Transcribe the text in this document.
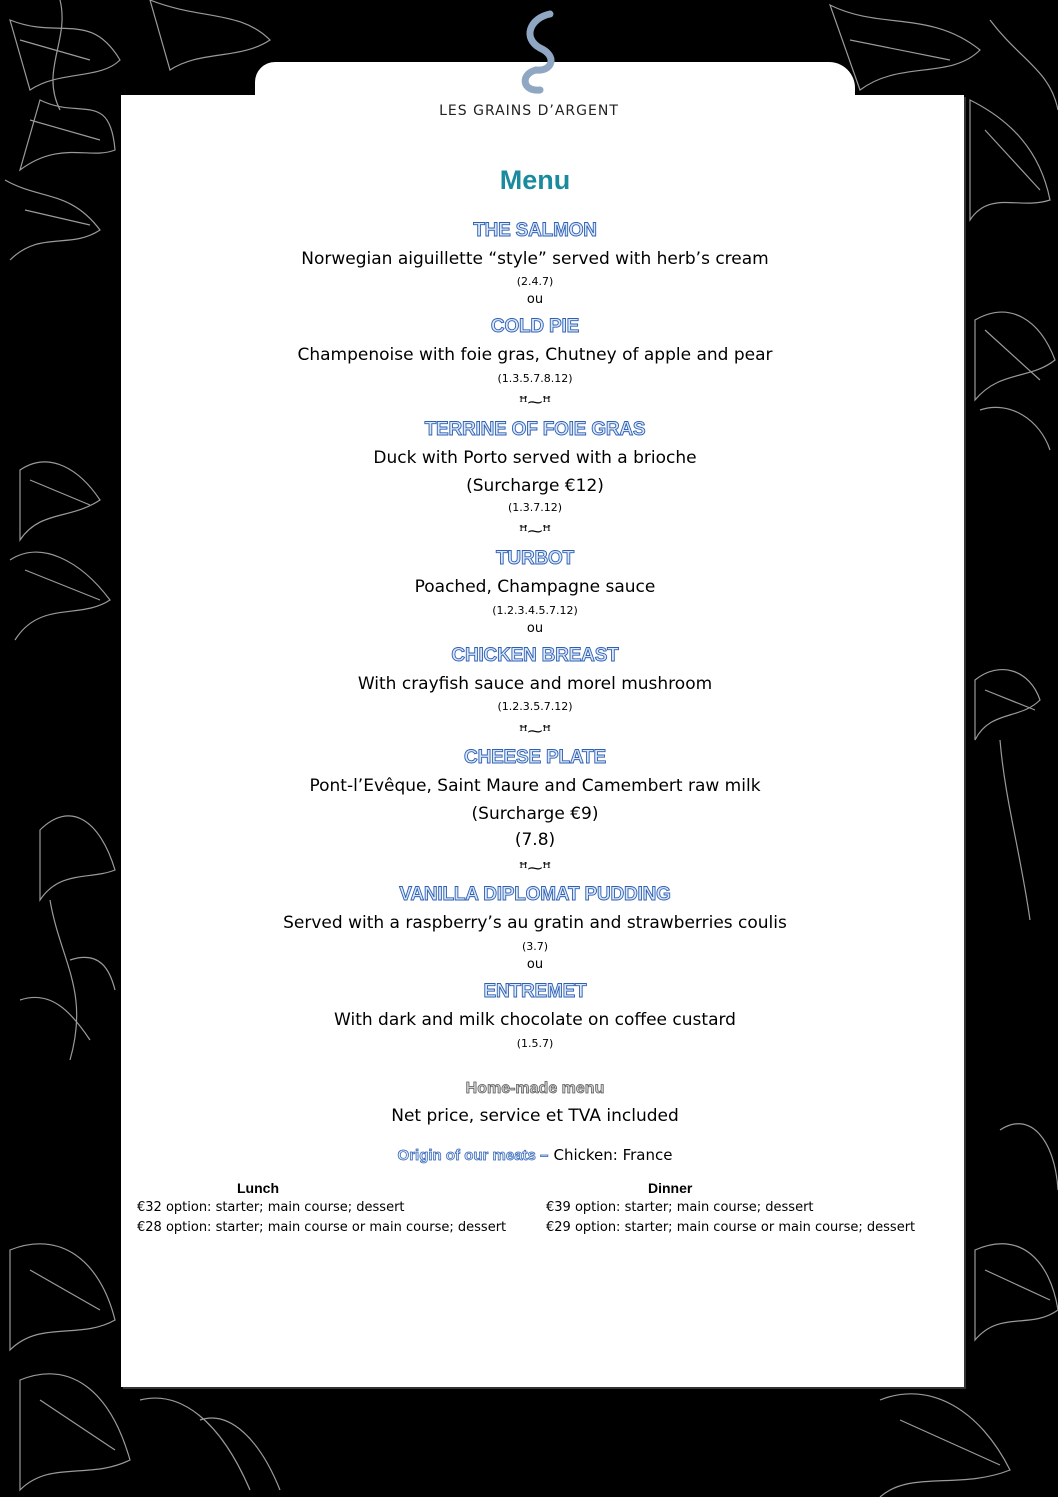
LES GRAINS D’ARGENT
Menu
THE SALMON
Norwegian aiguillette “style” served with herb’s cream
(2.4.7)
ou
COLD PIE
Champenoise with foie gras, Chutney of apple and pear
(1.3.5.7.8.12)
ꟸ⁓ꟸ
TERRINE OF FOIE GRAS
Duck with Porto served with a brioche
(Surcharge €12)
(1.3.7.12)
ꟸ⁓ꟸ
TURBOT
Poached, Champagne sauce
(1.2.3.4.5.7.12)
ou
CHICKEN BREAST
With crayfish sauce and morel mushroom
(1.2.3.5.7.12)
ꟸ⁓ꟸ
CHEESE PLATE
Pont-l’Evêque, Saint Maure and Camembert raw milk
(Surcharge €9)
(7.8)
ꟸ⁓ꟸ
VANILLA DIPLOMAT PUDDING
Served with a raspberry’s au gratin and strawberries coulis
(3.7)
ou
ENTREMET
With dark and milk chocolate on coffee custard
(1.5.7)
Home-made menu
Net price, service et TVA included
Origin of our meats – Chicken: France
Lunch
€32 option: starter; main course; dessert
€28 option: starter; main course or main course; dessert
Dinner
€39 option: starter; main course; dessert
€29 option: starter; main course or main course; dessert
